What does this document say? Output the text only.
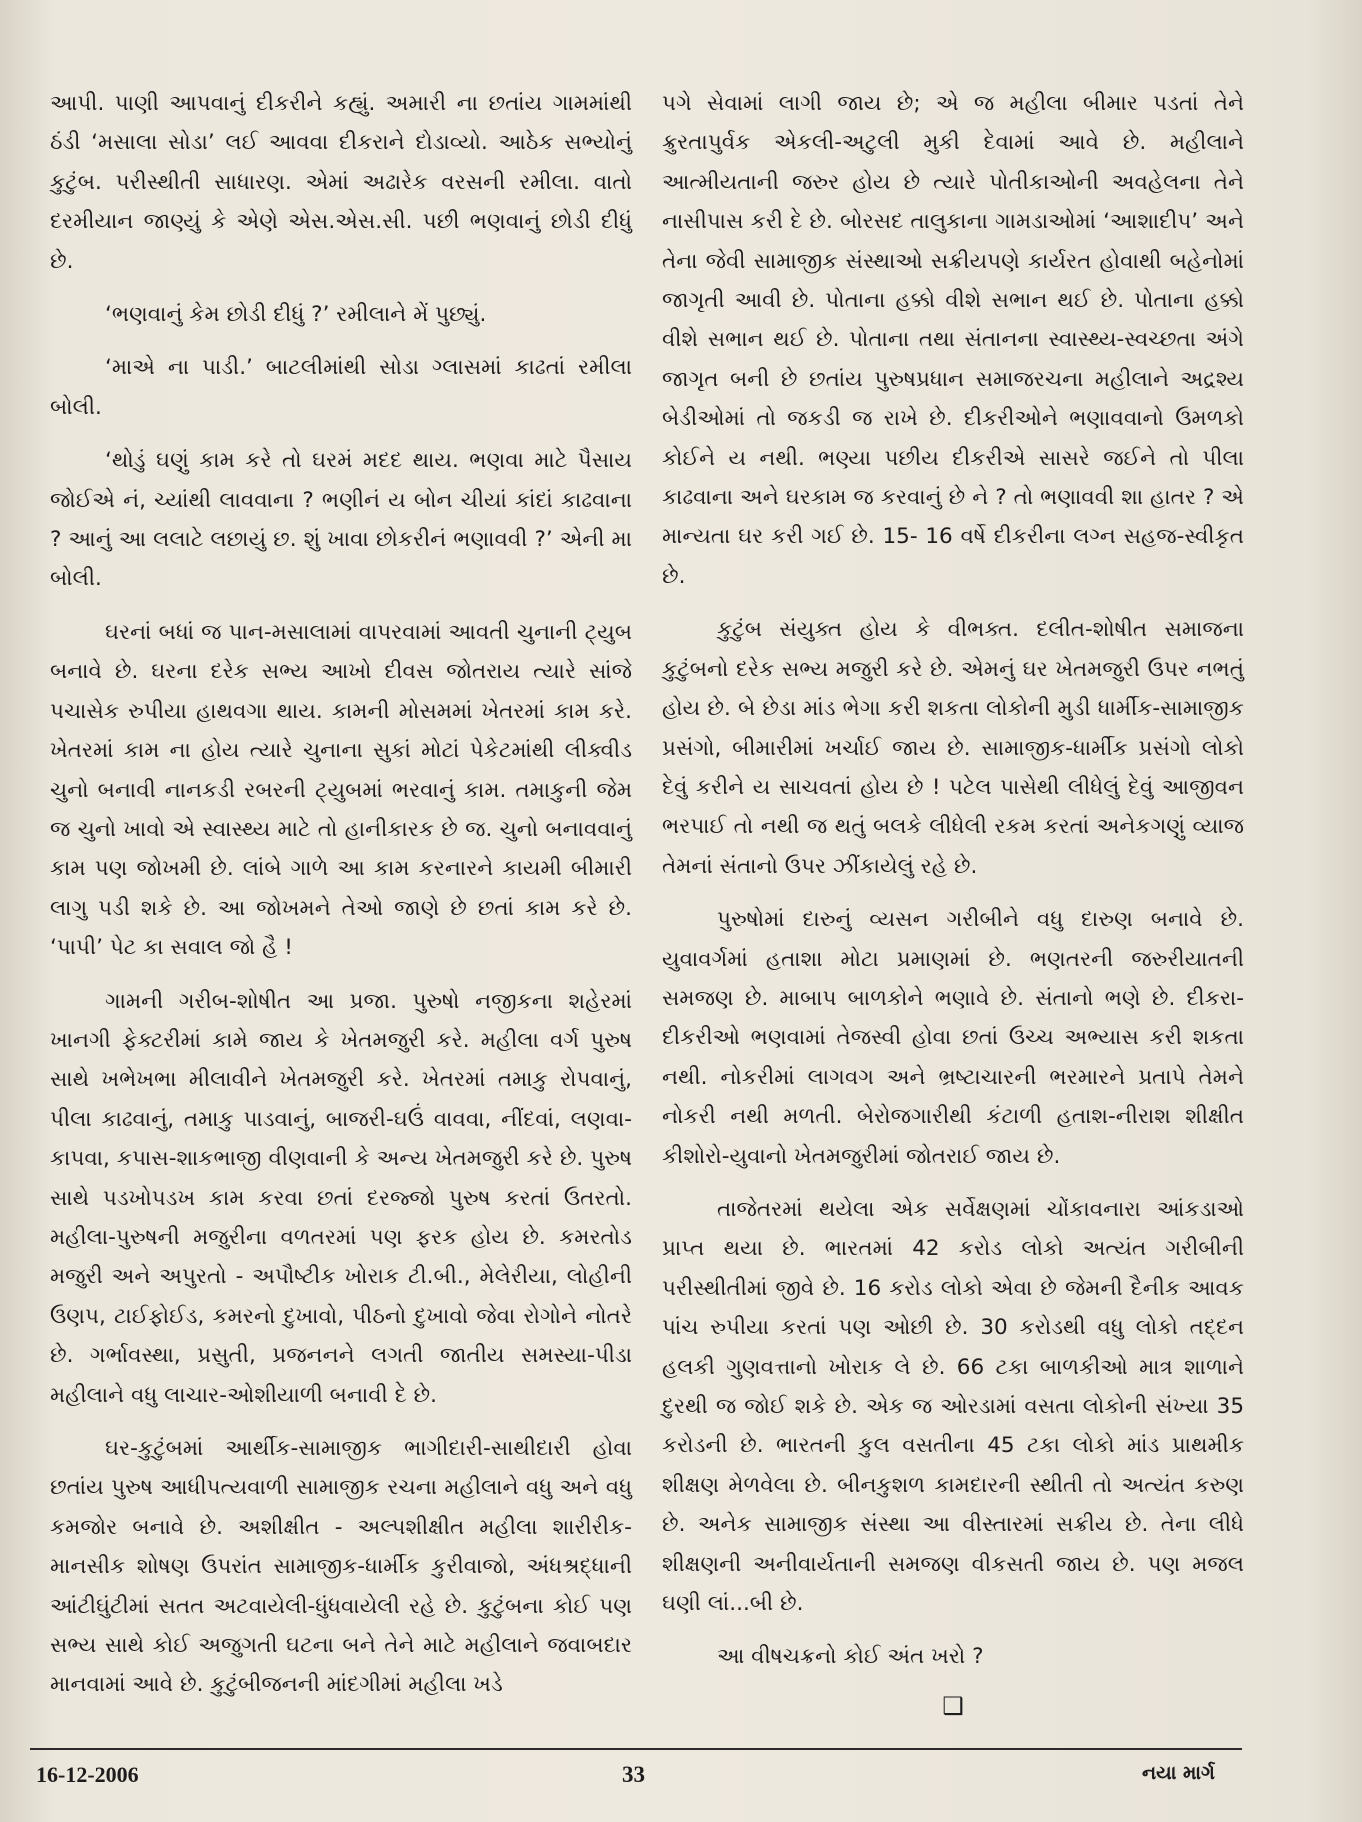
આપી. પાણી આપવાનું દીકરીને કહ્યું. અમારી ના છતાંય ગામમાંથી ઠંડી ‘મસાલા સોડા’ લઈ આવવા દીકરાને દોડાવ્યો. આઠેક સભ્યોનું કુટુંબ. પરીસ્થીતી સાધારણ. એમાં અઢારેક વરસની રમીલા. વાતો દરમીયાન જાણ્યું કે એણે એસ.એસ.સી. પછી ભણવાનું છોડી દીધું છે.

‘ભણવાનું કેમ છોડી દીધું ?’ રમીલાને મેં પુછ્યું.

‘માએ ના પાડી.’ બાટલીમાંથી સોડા ગ્લાસમાં કાઢતાં રમીલા બોલી.

‘થોડું ઘણું કામ કરે તો ઘરમં મદદ થાય. ભણવા માટે પૈસાય જોઈએ નં, ચ્યાંથી લાવવાના ? ભણીનં ય બોન ચીયાં કાંદાં કાઢવાના ? આનું આ લલાટે લછાયું છ. શું ખાવા છોકરીનં ભણાવવી ?’ એની મા બોલી.

ઘરનાં બધાં જ પાન-મસાલામાં વાપરવામાં આવતી ચુનાની ટ્યુબ બનાવે છે. ઘરના દરેક સભ્ય આખો દીવસ જોતરાય ત્યારે સાંજે પચાસેક રુપીયા હાથવગા થાય. કામની મોસમમાં ખેતરમાં કામ કરે. ખેતરમાં કામ ના હોય ત્યારે ચુનાના સુકાં મોટાં પેકેટમાંથી લીક્વીડ ચુનો બનાવી નાનકડી રબરની ટ્યુબમાં ભરવાનું કામ. તમાકુની જેમ જ ચુનો ખાવો એ સ્વાસ્થ્ય માટે તો હાનીકારક છે જ. ચુનો બનાવવાનું કામ પણ જોખમી છે. લાંબે ગાળે આ કામ કરનારને કાયમી બીમારી લાગુ પડી શકે છે. આ જોખમને તેઓ જાણે છે છતાં કામ કરે છે. ‘પાપી’ પેટ કા સવાલ જો હૈ !

ગામની ગરીબ-શોષીત આ પ્રજા. પુરુષો નજીકના શહેરમાં ખાનગી ફેક્ટરીમાં કામે જાય કે ખેતમજુરી કરે. મહીલા વર્ગ પુરુષ સાથે ખભેખભા મીલાવીને ખેતમજુરી કરે. ખેતરમાં તમાકુ રોપવાનું, પીલા કાઢવાનું, તમાકુ પાડવાનું, બાજરી-ઘઉં વાવવા, નીંદવાં, લણવા-કાપવા, કપાસ-શાકભાજી વીણવાની કે અન્ય ખેતમજુરી કરે છે. પુરુષ સાથે પડખોપડખ કામ કરવા છતાં દરજ્જો પુરુષ કરતાં ઉતરતો. મહીલા-પુરુષની મજુરીના વળતરમાં પણ ફરક હોય છે. કમરતોડ મજુરી અને અપુરતો - અપૌષ્ટીક ખોરાક ટી.બી., મેલેરીયા, લોહીની ઉણપ, ટાઈફોઈડ, કમરનો દુખાવો, પીઠનો દુખાવો જેવા રોગોને નોતરે છે. ગર્ભાવસ્થા, પ્રસુતી, પ્રજનનને લગતી જાતીય સમસ્યા-પીડા મહીલાને વધુ લાચાર-ઓશીયાળી બનાવી દે છે.

ઘર-કુટુંબમાં આર્થીક-સામાજીક ભાગીદારી-સાથીદારી હોવા છતાંય પુરુષ આધીપત્યવાળી સામાજીક રચના મહીલાને વધુ અને વધુ કમજોર બનાવે છે. અશીક્ષીત - અલ્પશીક્ષીત મહીલા શારીરીક-માનસીક શોષણ ઉપરાંત સામાજીક-ધાર્મીક કુરીવાજો, અંધશ્રદ્ધાની આંટીઘુંટીમાં સતત અટવાયેલી-ધુંધવાયેલી રહે છે. કુટુંબના કોઈ પણ સભ્ય સાથે કોઈ અજુગતી ઘટના બને તેને માટે મહીલાને જવાબદાર માનવામાં આવે છે. કુટુંબીજનની માંદગીમાં મહીલા ખડે

પગે સેવામાં લાગી જાય છે; એ જ મહીલા બીમાર પડતાં તેને ક્રુરતાપુર્વક એકલી-અટુલી મુકી દેવામાં આવે છે. મહીલાને આત્મીયતાની જરુર હોય છે ત્યારે પોતીકાઓની અવહેલના તેને નાસીપાસ કરી દે છે. બોરસદ તાલુકાના ગામડાઓમાં ‘આશાદીપ’ અને તેના જેવી સામાજીક સંસ્થાઓ સક્રીયપણે કાર્યરત હોવાથી બહેનોમાં જાગૃતી આવી છે. પોતાના હક્કો વીશે સભાન થઈ છે. પોતાના હક્કો વીશે સભાન થઈ છે. પોતાના તથા સંતાનના સ્વાસ્થ્ય-સ્વચ્છતા અંગે જાગૃત બની છે છતાંય પુરુષપ્રધાન સમાજરચના મહીલાને અદ્રશ્ય બેડીઓમાં તો જકડી જ રાખે છે. દીકરીઓને ભણાવવાનો ઉમળકો કોઈને ય નથી. ભણ્યા પછીય દીકરીએ સાસરે જઈને તો પીલા કાઢવાના અને ઘરકામ જ કરવાનું છે ને ? તો ભણાવવી શા હાતર ? એ માન્યતા ઘર કરી ગઈ છે. 15- 16 વર્ષે દીકરીના લગ્ન સહજ-સ્વીકૃત છે.

કુટુંબ સંયુક્ત હોય કે વીભક્ત. દલીત-શોષીત સમાજના કુટુંબનો દરેક સભ્ય મજુરી કરે છે. એમનું ઘર ખેતમજુરી ઉપર નભતું હોય છે. બે છેડા માંડ ભેગા કરી શકતા લોકોની મુડી ધાર્મીક-સામાજીક પ્રસંગો, બીમારીમાં ખર્ચાઈ જાય છે. સામાજીક-ધાર્મીક પ્રસંગો લોકો દેવું કરીને ય સાચવતાં હોય છે ! પટેલ પાસેથી લીધેલું દેવું આજીવન ભરપાઈ તો નથી જ થતું બલકે લીધેલી રકમ કરતાં અનેકગણું વ્યાજ તેમનાં સંતાનો ઉપર ઝીંકાયેલું રહે છે.

પુરુષોમાં દારુનું વ્યસન ગરીબીને વધુ દારુણ બનાવે છે. યુવાવર્ગમાં હતાશા મોટા પ્રમાણમાં છે. ભણતરની જરુરીયાતની સમજણ છે. માબાપ બાળકોને ભણાવે છે. સંતાનો ભણે છે. દીકરા-દીકરીઓ ભણવામાં તેજસ્વી હોવા છતાં ઉચ્ચ અભ્યાસ કરી શકતા નથી. નોકરીમાં લાગવગ અને ભ્રષ્ટાચારની ભરમારને પ્રતાપે તેમને નોકરી નથી મળતી. બેરોજગારીથી કંટાળી હતાશ-નીરાશ શીક્ષીત કીશોરો-યુવાનો ખેતમજુરીમાં જોતરાઈ જાય છે.

તાજેતરમાં થયેલા એક સર્વેક્ષણમાં ચોંકાવનારા આંકડાઓ પ્રાપ્ત થયા છે. ભારતમાં 42 કરોડ લોકો અત્યંત ગરીબીની પરીસ્થીતીમાં જીવે છે. 16 કરોડ લોકો એવા છે જેમની દૈનીક આવક પાંચ રુપીયા કરતાં પણ ઓછી છે. 30 કરોડથી વધુ લોકો તદ્દન હલકી ગુણવત્તાનો ખોરાક લે છે. 66 ટકા બાળકીઓ માત્ર શાળાને દુરથી જ જોઈ શકે છે. એક જ ઓરડામાં વસતા લોકોની સંખ્યા 35 કરોડની છે. ભારતની કુલ વસતીના 45 ટકા લોકો માંડ પ્રાથમીક શીક્ષણ મેળવેલા છે. બીનકુશળ કામદારની સ્થીતી તો અત્યંત કરુણ છે. અનેક સામાજીક સંસ્થા આ વીસ્તારમાં સક્રીય છે. તેના લીધે શીક્ષણની અનીવાર્યતાની સમજણ વીકસતી જાય છે. પણ મજલ ઘણી લાં...બી છે.

આ વીષચક્રનો કોઈ અંત ખરો ?

❑
16-12-2006	33	નયા માર્ગ
